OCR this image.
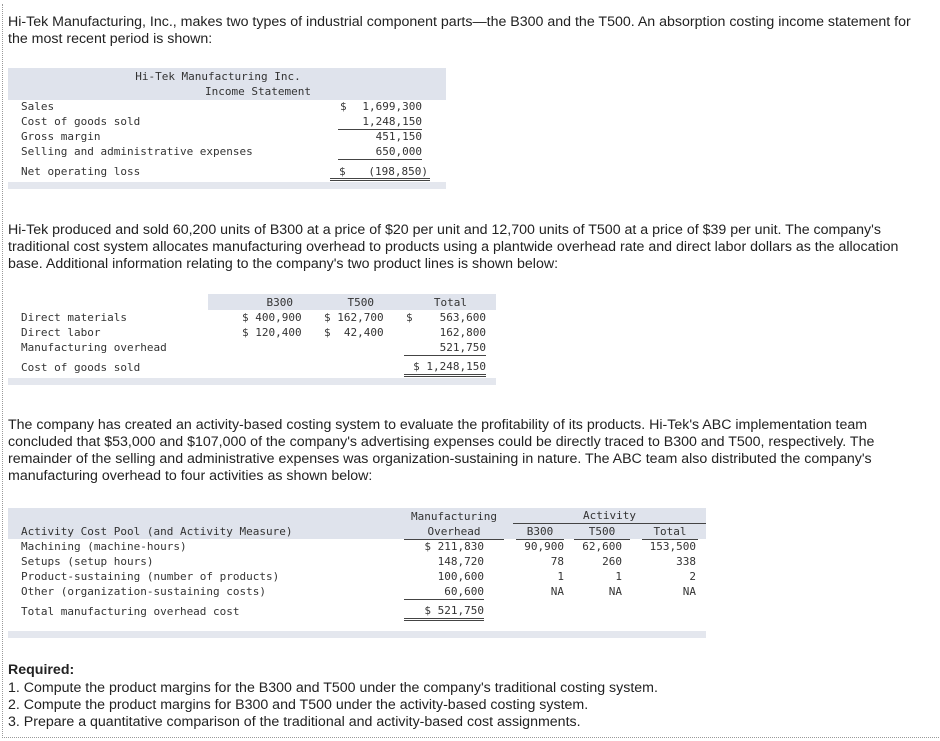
Hi-Tek Manufacturing, Inc., makes two types of industrial component parts—the B300 and the T500. An absorption costing income statement for the most recent period is shown:
Hi-Tek Manufacturing Inc.
Income Statement
Sales	$	1,699,300
Cost of goods sold	1,248,150
Gross margin	451,150
Selling and administrative expenses	650,000
Net operating loss	$	(198,850)
Hi-Tek produced and sold 60,200 units of B300 at a price of $20 per unit and 12,700 units of T500 at a price of $39 per unit. The company's traditional cost system allocates manufacturing overhead to products using a plantwide overhead rate and direct labor dollars as the allocation base. Additional information relating to the company's two product lines is shown below:
B300	T500	Total
Direct materials	$ 400,900 $ 162,700 $	563,600
Direct labor	$ 120,400 $  42,400	162,800
Manufacturing overhead	521,750
Cost of goods sold	$ 1,248,150
The company has created an activity-based costing system to evaluate the profitability of its products. Hi-Tek's ABC implementation team concluded that $53,000 and $107,000 of the company's advertising expenses could be directly traced to B300 and T500, respectively. The remainder of the selling and administrative expenses was organization-sustaining in nature. The ABC team also distributed the company's manufacturing overhead to four activities as shown below:
Activity Cost Pool (and Activity Measure)
Manufacturing
Overhead
Activity
B300	T500	Total
Machining (machine-hours)	$ 211,830	90,900	62,600	153,500
Setups (setup hours)	148,720	78	260	338
Product-sustaining (number of products)	100,600	1	1	2
Other (organization-sustaining costs)	60,600	NA	NA	NA
Total manufacturing overhead cost	$ 521,750
Required:
1. Compute the product margins for the B300 and T500 under the company's traditional costing system.
2. Compute the product margins for B300 and T500 under the activity-based costing system.
3. Prepare a quantitative comparison of the traditional and activity-based cost assignments.
